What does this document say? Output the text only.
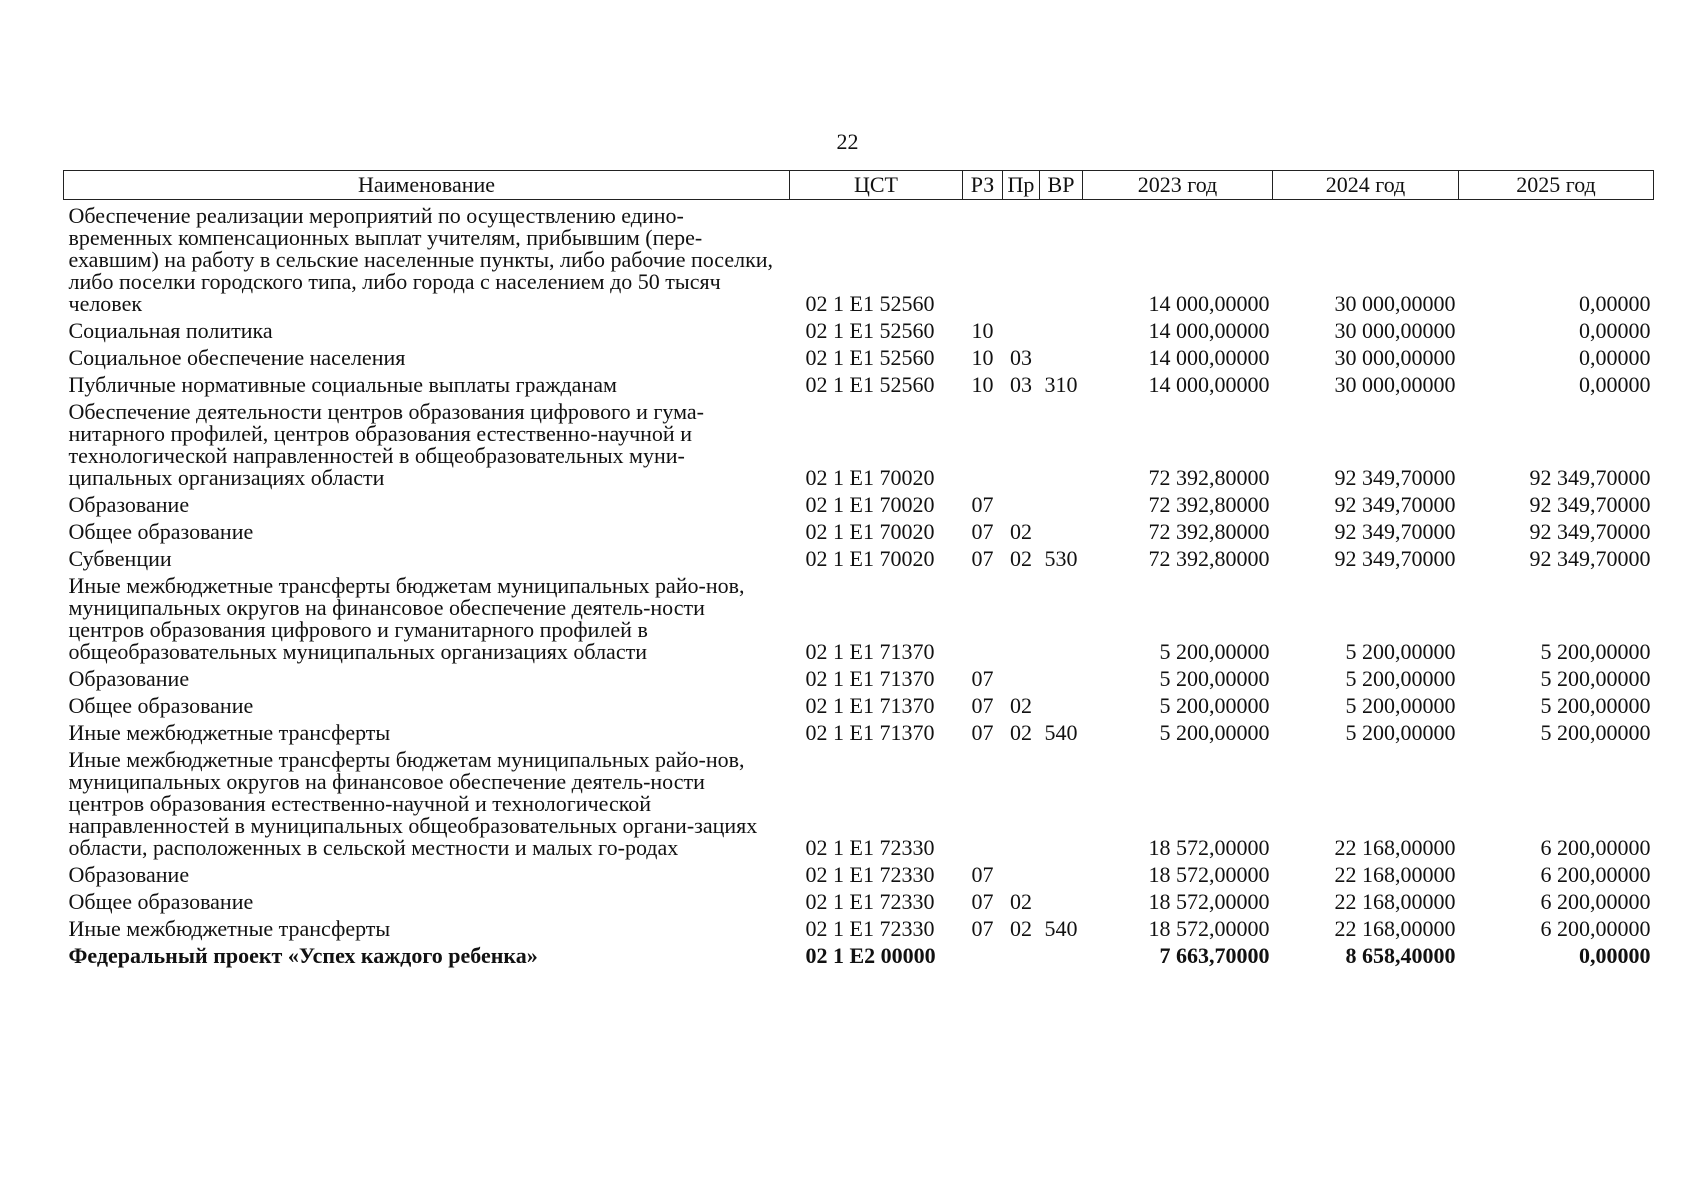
22
Наименование	ЦСТ	РЗ	Пр	ВР	2023 год	2024 год	2025 год
Обеспечение реализации мероприятий по осуществлению едино-временных компенсационных выплат учителям, прибывшим (пере-ехавшим) на работу в сельские населенные пункты, либо рабочие поселки, либо поселки городского типа, либо города с населением до 50 тысяч человек	02 1 E1 52560				14 000,00000	30 000,00000	0,00000
Социальная политика	02 1 E1 52560	10			14 000,00000	30 000,00000	0,00000
Социальное обеспечение населения	02 1 E1 52560	10	03		14 000,00000	30 000,00000	0,00000
Публичные нормативные социальные выплаты гражданам	02 1 E1 52560	10	03	310	14 000,00000	30 000,00000	0,00000
Обеспечение деятельности центров образования цифрового и гума-нитарного профилей, центров образования естественно-научной и технологической направленностей в общеобразовательных муни-ципальных организациях области	02 1 E1 70020				72 392,80000	92 349,70000	92 349,70000
Образование	02 1 E1 70020	07			72 392,80000	92 349,70000	92 349,70000
Общее образование	02 1 E1 70020	07	02		72 392,80000	92 349,70000	92 349,70000
Субвенции	02 1 E1 70020	07	02	530	72 392,80000	92 349,70000	92 349,70000
Иные межбюджетные трансферты бюджетам муниципальных райо-нов, муниципальных округов на финансовое обеспечение деятель-ности центров образования цифрового и гуманитарного профилей в общеобразовательных муниципальных организациях области	02 1 E1 71370				5 200,00000	5 200,00000	5 200,00000
Образование	02 1 E1 71370	07			5 200,00000	5 200,00000	5 200,00000
Общее образование	02 1 E1 71370	07	02		5 200,00000	5 200,00000	5 200,00000
Иные межбюджетные трансферты	02 1 E1 71370	07	02	540	5 200,00000	5 200,00000	5 200,00000
Иные межбюджетные трансферты бюджетам муниципальных райо-нов, муниципальных округов на финансовое обеспечение деятель-ности центров образования естественно-научной и технологической направленностей в муниципальных общеобразовательных органи-зациях области, расположенных в сельской местности и малых го-родах	02 1 E1 72330				18 572,00000	22 168,00000	6 200,00000
Образование	02 1 E1 72330	07			18 572,00000	22 168,00000	6 200,00000
Общее образование	02 1 E1 72330	07	02		18 572,00000	22 168,00000	6 200,00000
Иные межбюджетные трансферты	02 1 E1 72330	07	02	540	18 572,00000	22 168,00000	6 200,00000
Федеральный проект «Успех каждого ребенка»	02 1 E2 00000				7 663,70000	8 658,40000	0,00000
